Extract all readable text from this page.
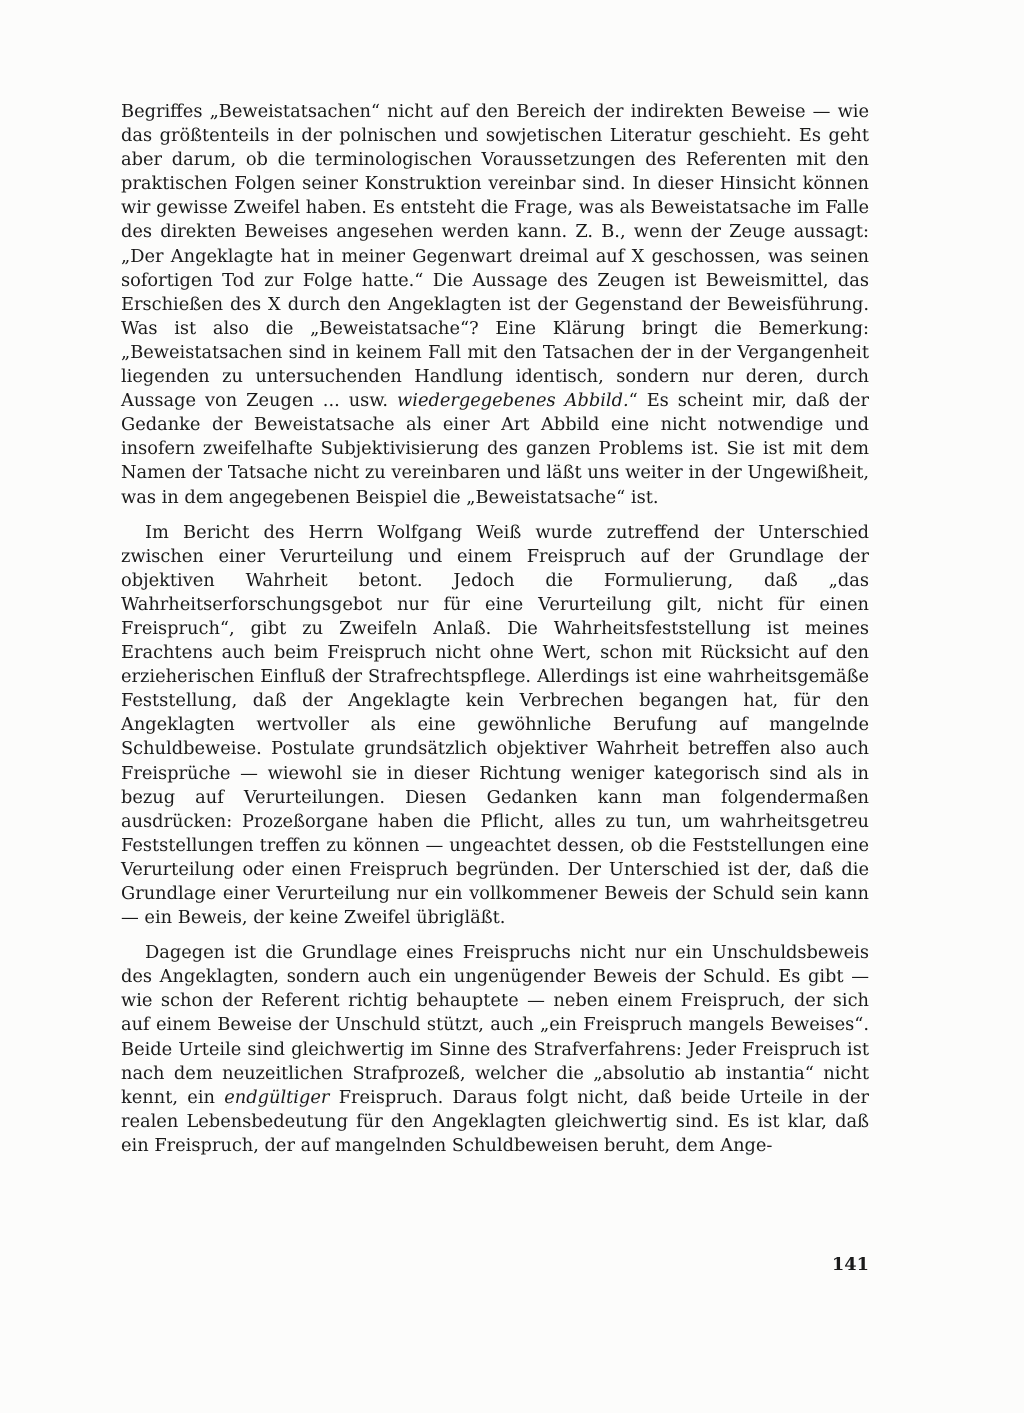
Begriffes „Beweistatsachen“ nicht auf den Bereich der indirekten Beweise — wie das größtenteils in der polnischen und sowjetischen Literatur geschieht. Es geht aber darum, ob die terminologischen Voraussetzungen des Referenten mit den praktischen Folgen seiner Konstruktion vereinbar sind. In dieser Hinsicht können wir gewisse Zweifel haben. Es entsteht die Frage, was als Beweistatsache im Falle des direkten Beweises angesehen werden kann. Z. B., wenn der Zeuge aussagt: „Der Angeklagte hat in meiner Gegenwart dreimal auf X geschossen, was seinen sofortigen Tod zur Folge hatte.“ Die Aussage des Zeugen ist Beweismittel, das Erschießen des X durch den Angeklagten ist der Gegenstand der Beweisführung. Was ist also die „Beweistatsache“? Eine Klärung bringt die Bemerkung: „Beweistatsachen sind in keinem Fall mit den Tatsachen der in der Vergangenheit liegenden zu untersuchenden Handlung identisch, sondern nur deren, durch Aussage von Zeugen ... usw. wiedergegebenes Abbild.“ Es scheint mir, daß der Gedanke der Beweistatsache als einer Art Abbild eine nicht notwendige und insofern zweifelhafte Subjektivisierung des ganzen Problems ist. Sie ist mit dem Namen der Tatsache nicht zu vereinbaren und läßt uns weiter in der Ungewißheit, was in dem angegebenen Beispiel die „Beweistatsache“ ist.

Im Bericht des Herrn Wolfgang Weiß wurde zutreffend der Unterschied zwischen einer Verurteilung und einem Freispruch auf der Grundlage der objektiven Wahrheit betont. Jedoch die Formulierung, daß „das Wahrheitserforschungsgebot nur für eine Verurteilung gilt, nicht für einen Freispruch“, gibt zu Zweifeln Anlaß. Die Wahrheitsfeststellung ist meines Erachtens auch beim Freispruch nicht ohne Wert, schon mit Rücksicht auf den erzieherischen Einfluß der Strafrechtspflege. Allerdings ist eine wahrheitsgemäße Feststellung, daß der Angeklagte kein Verbrechen begangen hat, für den Angeklagten wertvoller als eine gewöhnliche Berufung auf mangelnde Schuldbeweise. Postulate grundsätzlich objektiver Wahrheit betreffen also auch Freisprüche — wiewohl sie in dieser Richtung weniger kategorisch sind als in bezug auf Verurteilungen. Diesen Gedanken kann man folgendermaßen ausdrücken: Prozeßorgane haben die Pflicht, alles zu tun, um wahrheitsgetreu Feststellungen treffen zu können — ungeachtet dessen, ob die Feststellungen eine Verurteilung oder einen Freispruch begründen. Der Unterschied ist der, daß die Grundlage einer Verurteilung nur ein vollkommener Beweis der Schuld sein kann — ein Beweis, der keine Zweifel übrigläßt.

Dagegen ist die Grundlage eines Freispruchs nicht nur ein Unschuldsbeweis des Angeklagten, sondern auch ein ungenügender Beweis der Schuld. Es gibt — wie schon der Referent richtig behauptete — neben einem Freispruch, der sich auf einem Beweise der Unschuld stützt, auch „ein Freispruch mangels Beweises“. Beide Urteile sind gleichwertig im Sinne des Strafverfahrens: Jeder Freispruch ist nach dem neuzeitlichen Strafprozeß, welcher die „absolutio ab instantia“ nicht kennt, ein endgültiger Freispruch. Daraus folgt nicht, daß beide Urteile in der realen Lebensbedeutung für den Angeklagten gleichwertig sind. Es ist klar, daß ein Freispruch, der auf mangelnden Schuldbeweisen beruht, dem Ange-

141
